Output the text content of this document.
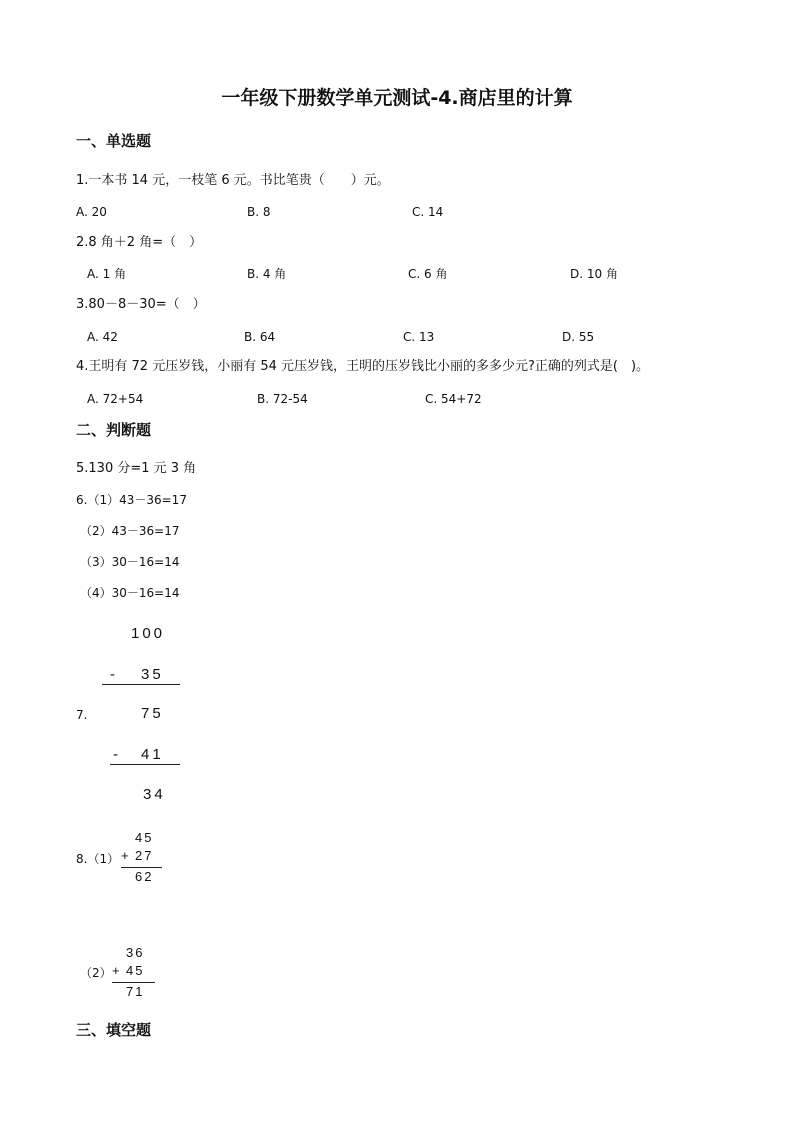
一年级下册数学单元测试-4.商店里的计算
一、单选题
1.一本书 14 元，一枝笔 6 元。书比笔贵（　　）元。
A. 20	B. 8	C. 14
2.8 角＋2 角=（　）
A. 1 角	B. 4 角	C. 6 角	D. 10 角
3.80－8－30=（　）
A. 42	B. 64	C. 13	D. 55
4.王明有 72 元压岁钱，小丽有 54 元压岁钱，王明的压岁钱比小丽的多多少元?正确的列式是(　)。
A. 72+54	B. 72-54	C. 54+72
二、判断题
5.130 分=1 元 3 角
6.（1）43－36=17
（2）43－36=17
（3）30－16=14
（4）30－16=14
100
- 35
7.	75
- 41
34
45
8.（1） + 27
62
36
（2） + 45
71
三、填空题
